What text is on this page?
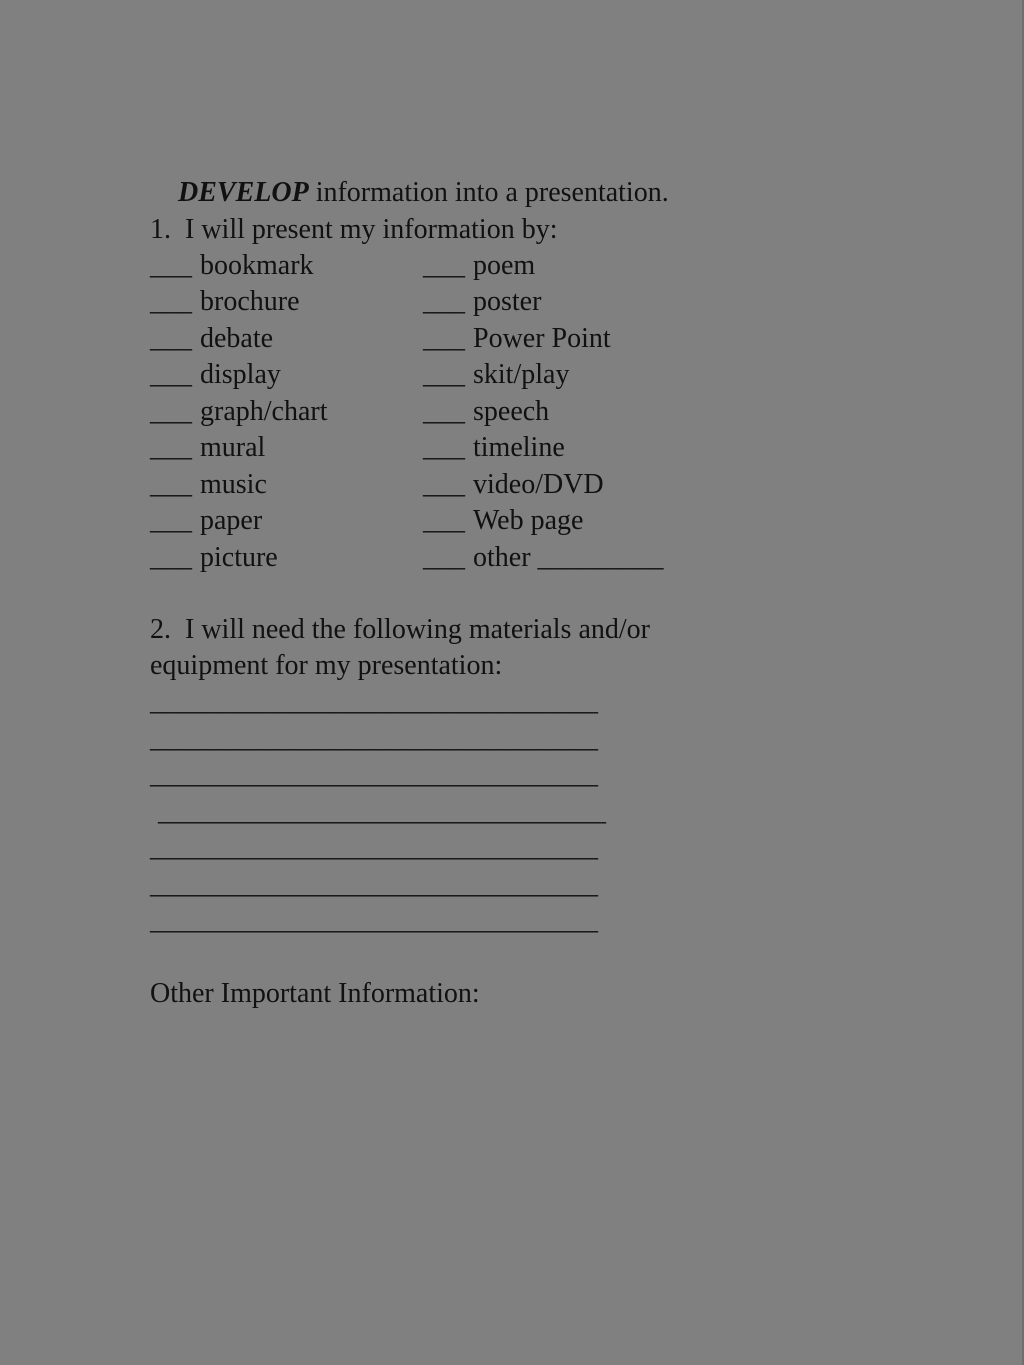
DEVELOP information into a presentation.

1.  I will present my information by:
___ bookmark
___ brochure
___ debate
___ display
___ graph/chart
___ mural
___ music
___ paper
___ picture
___ poem
___ poster
___ Power Point
___ skit/play
___ speech
___ timeline
___ video/DVD
___ Web page
___ other _________
2.  I will need the following materials and/or
equipment for my presentation:
________________________________
________________________________
________________________________
________________________________
________________________________
________________________________
________________________________
Other Important Information:
